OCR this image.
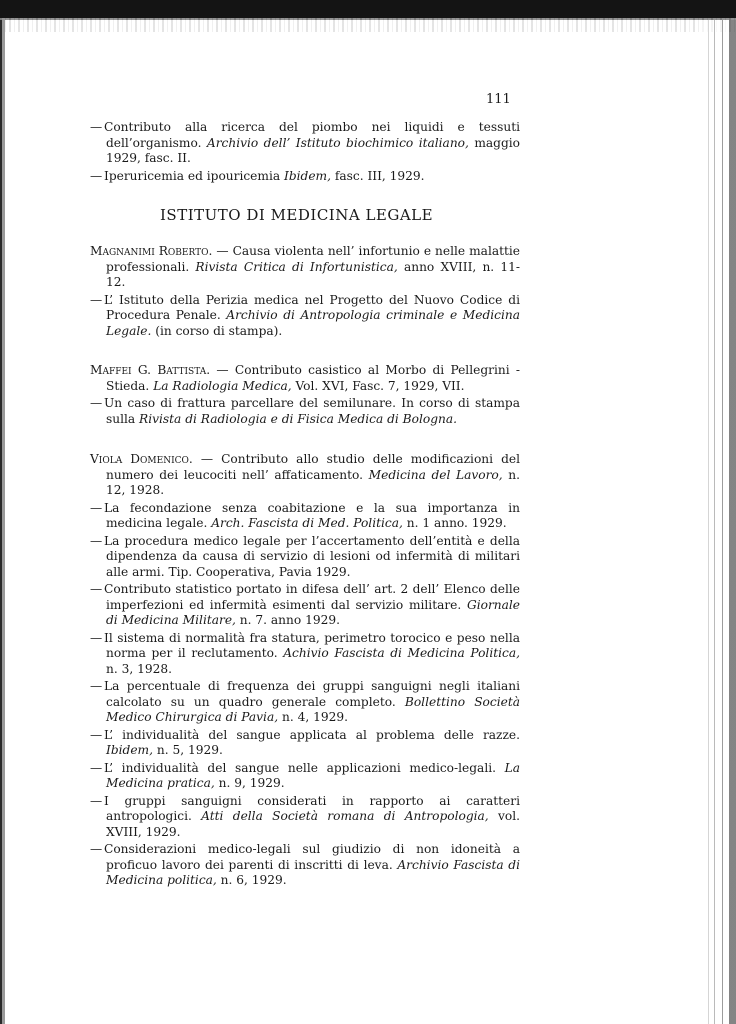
111

— Contributo alla ricerca del piombo nei liquidi e tessuti dell’organismo. Archivio dell’ Istituto biochimico italiano, maggio 1929, fasc. II.

— Iperuricemia ed ipouricemia Ibidem, fasc. III, 1929.

ISTITUTO DI MEDICINA LEGALE

Magnanimi Roberto. — Causa violenta nell’ infortunio e nelle malattie professionali. Rivista Critica di Infortunistica, anno XVIII, n. 11-12.

— L’ Istituto della Perizia medica nel Progetto del Nuovo Codice di Procedura Penale. Archivio di Antropologia criminale e Medicina Legale. (in corso di stampa).

Maffei G. Battista. — Contributo casistico al Morbo di Pellegrini - Stieda. La Radiologia Medica, Vol. XVI, Fasc. 7, 1929, VII.

— Un caso di frattura parcellare del semilunare. In corso di stampa sulla Rivista di Radiologia e di Fisica Medica di Bologna.

Viola Domenico. — Contributo allo studio delle modificazioni del numero dei leucociti nell’ affaticamento. Medicina del Lavoro, n. 12, 1928.

— La fecondazione senza coabitazione e la sua importanza in medicina legale. Arch. Fascista di Med. Politica, n. 1 anno. 1929.

— La procedura medico legale per l’accertamento dell’entità e della dipendenza da causa di servizio di lesioni od infermità di militari alle armi. Tip. Cooperativa, Pavia 1929.

— Contributo statistico portato in difesa dell’ art. 2 dell’ Elenco delle imperfezioni ed infermità esimenti dal servizio militare. Giornale di Medicina Militare, n. 7. anno 1929.

— Il sistema di normalità fra statura, perimetro torocico e peso nella norma per il reclutamento. Achivio Fascista di Medicina Politica, n. 3, 1928.

— La percentuale di frequenza dei gruppi sanguigni negli italiani calcolato su un quadro generale completo. Bollettino Società Medico Chirurgica di Pavia, n. 4, 1929.

— L’ individualità del sangue applicata al problema delle razze. Ibidem, n. 5, 1929.

— L’ individualità del sangue nelle applicazioni medico-legali. La Medicina pratica, n. 9, 1929.

— I gruppi sanguigni considerati in rapporto ai caratteri antropologici. Atti della Società romana di Antropologia, vol. XVIII, 1929.

— Considerazioni medico-legali sul giudizio di non idoneità a proficuo lavoro dei parenti di inscritti di leva. Archivio Fascista di Medicina politica, n. 6, 1929.
